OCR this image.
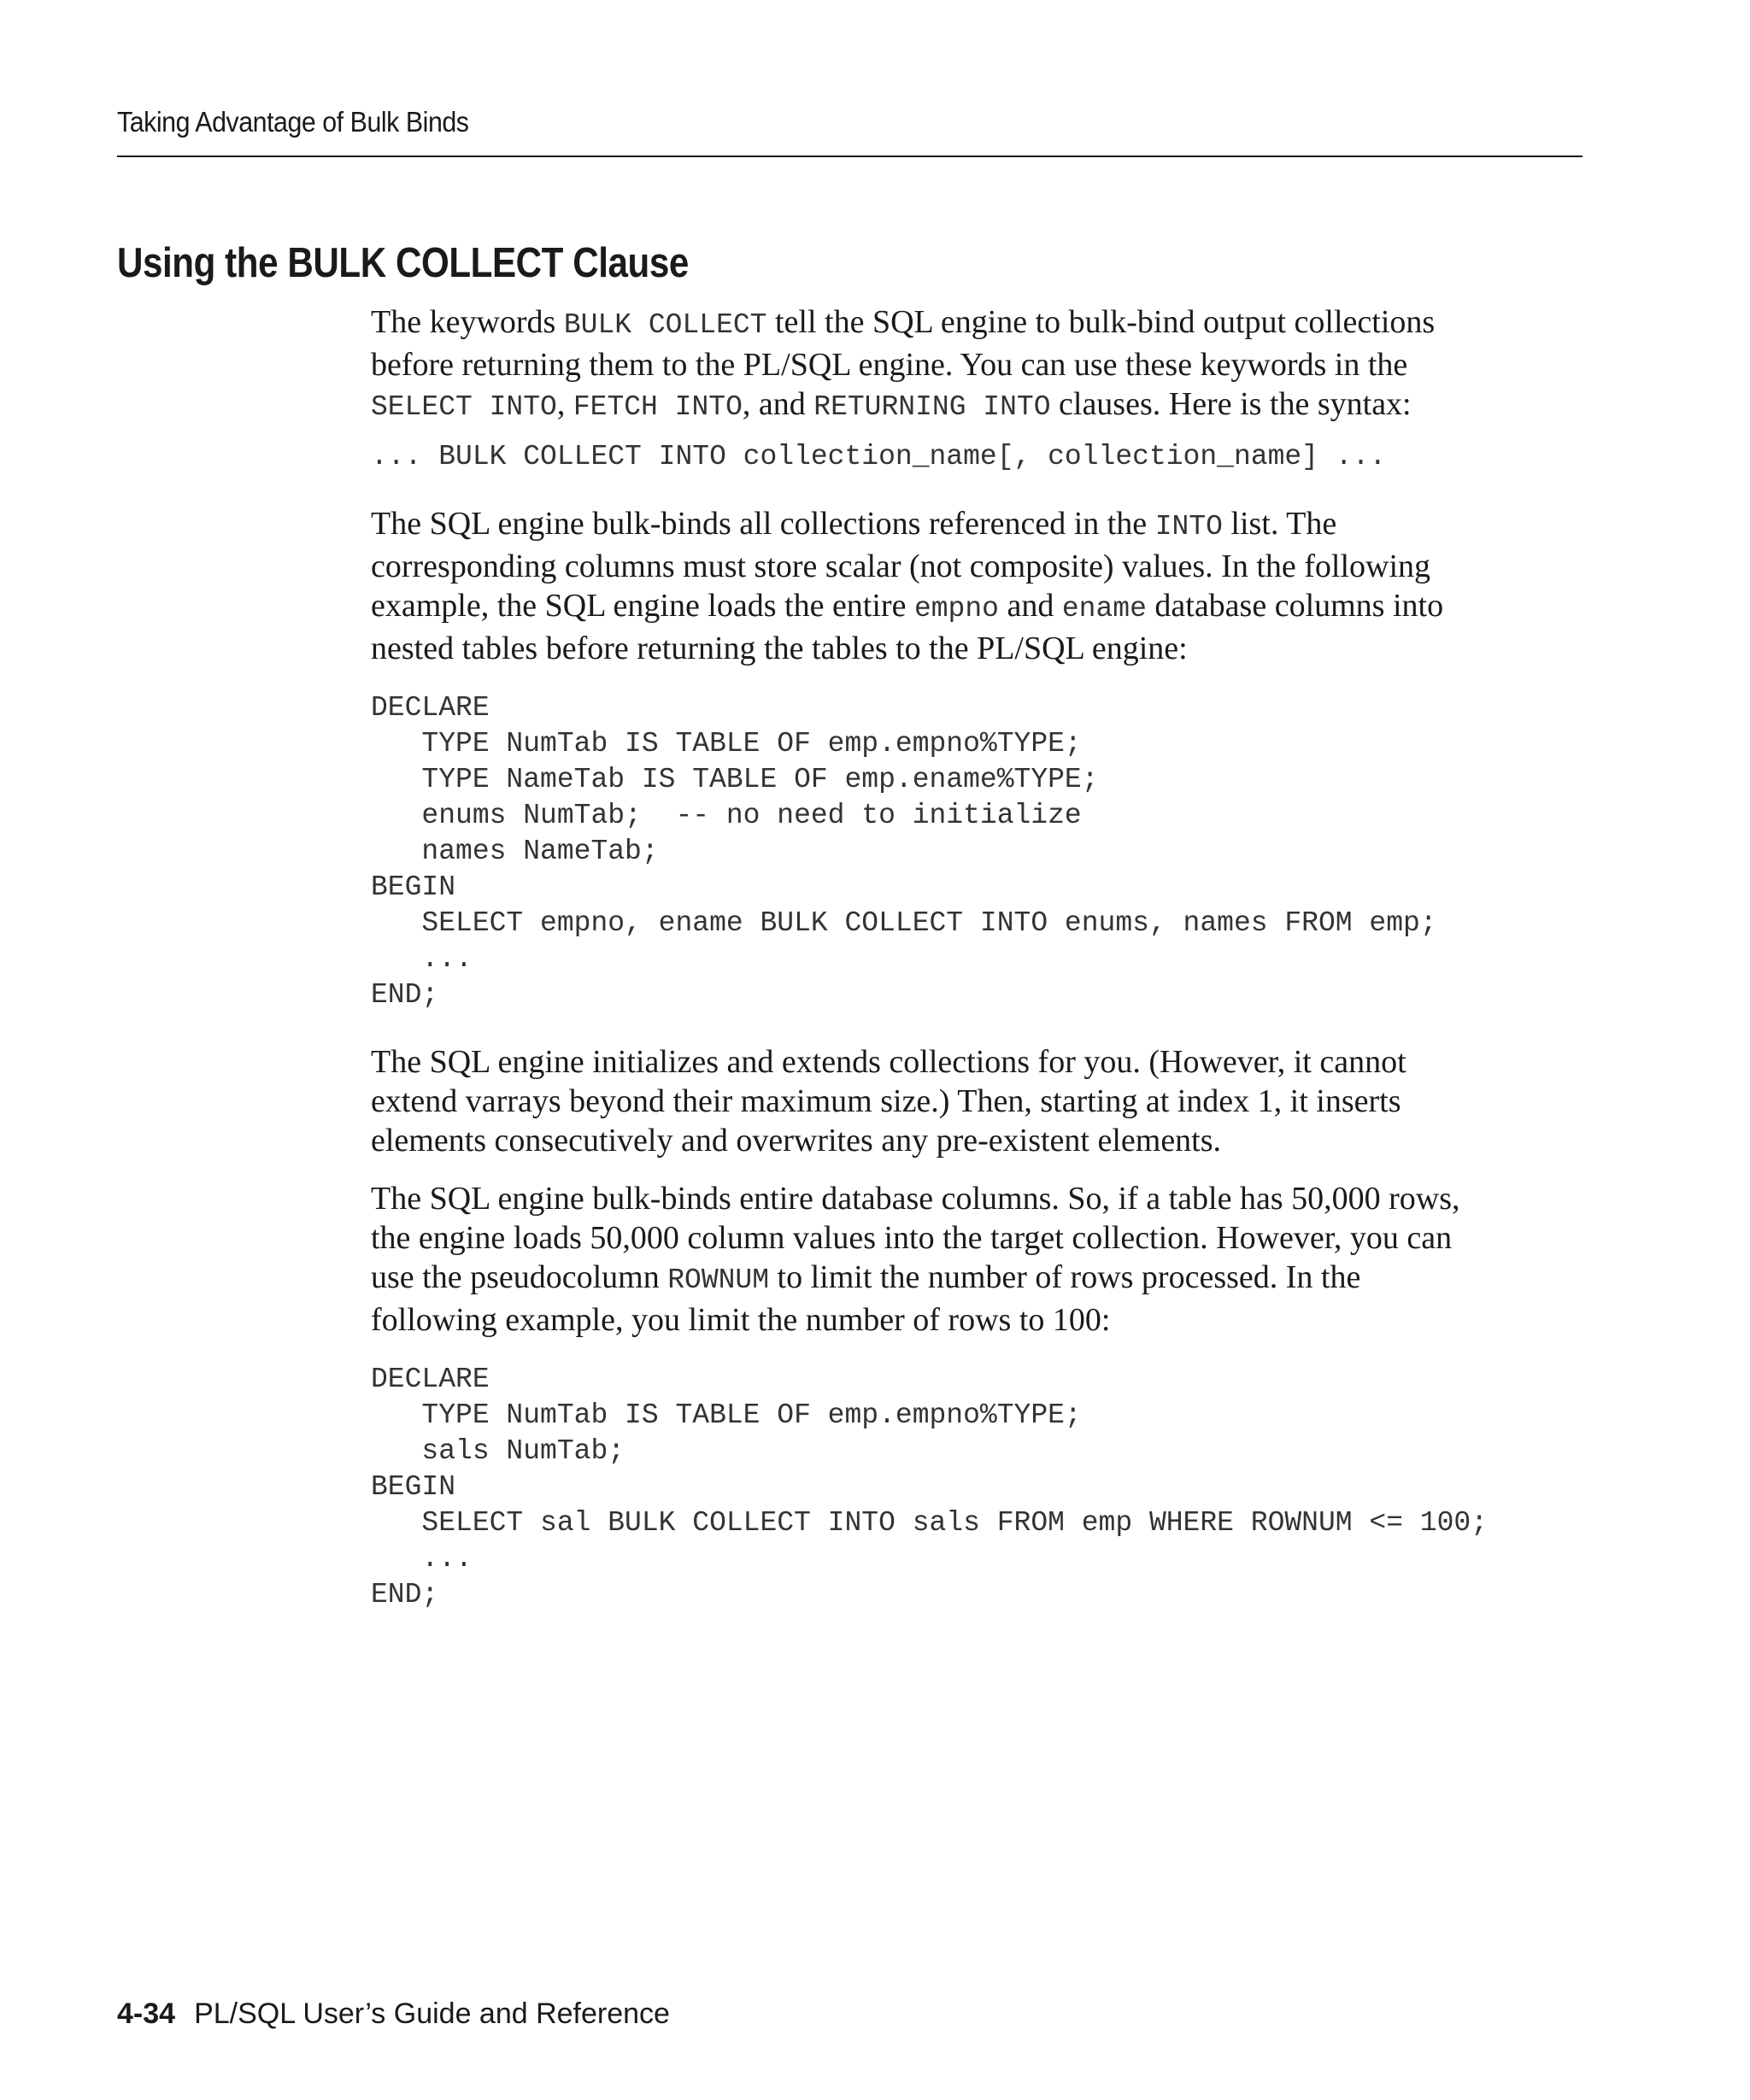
Taking Advantage of Bulk Binds
Using the BULK COLLECT Clause

The keywords BULK COLLECT tell the SQL engine to bulk-bind output collections
before returning them to the PL/SQL engine. You can use these keywords in the
SELECT INTO, FETCH INTO, and RETURNING INTO clauses. Here is the syntax:

... BULK COLLECT INTO collection_name[, collection_name] ...

The SQL engine bulk-binds all collections referenced in the INTO list. The
corresponding columns must store scalar (not composite) values. In the following
example, the SQL engine loads the entire empno and ename database columns into
nested tables before returning the tables to the PL/SQL engine:

DECLARE
TYPE NumTab IS TABLE OF emp.empno%TYPE;
TYPE NameTab IS TABLE OF emp.ename%TYPE;
enums NumTab;  -- no need to initialize
names NameTab;
BEGIN
SELECT empno, ename BULK COLLECT INTO enums, names FROM emp;
...
END;

The SQL engine initializes and extends collections for you. (However, it cannot
extend varrays beyond their maximum size.) Then, starting at index 1, it inserts
elements consecutively and overwrites any pre-existent elements.

The SQL engine bulk-binds entire database columns. So, if a table has 50,000 rows,
the engine loads 50,000 column values into the target collection. However, you can
use the pseudocolumn ROWNUM to limit the number of rows processed. In the
following example, you limit the number of rows to 100:

DECLARE
TYPE NumTab IS TABLE OF emp.empno%TYPE;
sals NumTab;
BEGIN
SELECT sal BULK COLLECT INTO sals FROM emp WHERE ROWNUM <= 100;
...
END;
4-34 PL/SQL User’s Guide and Reference
